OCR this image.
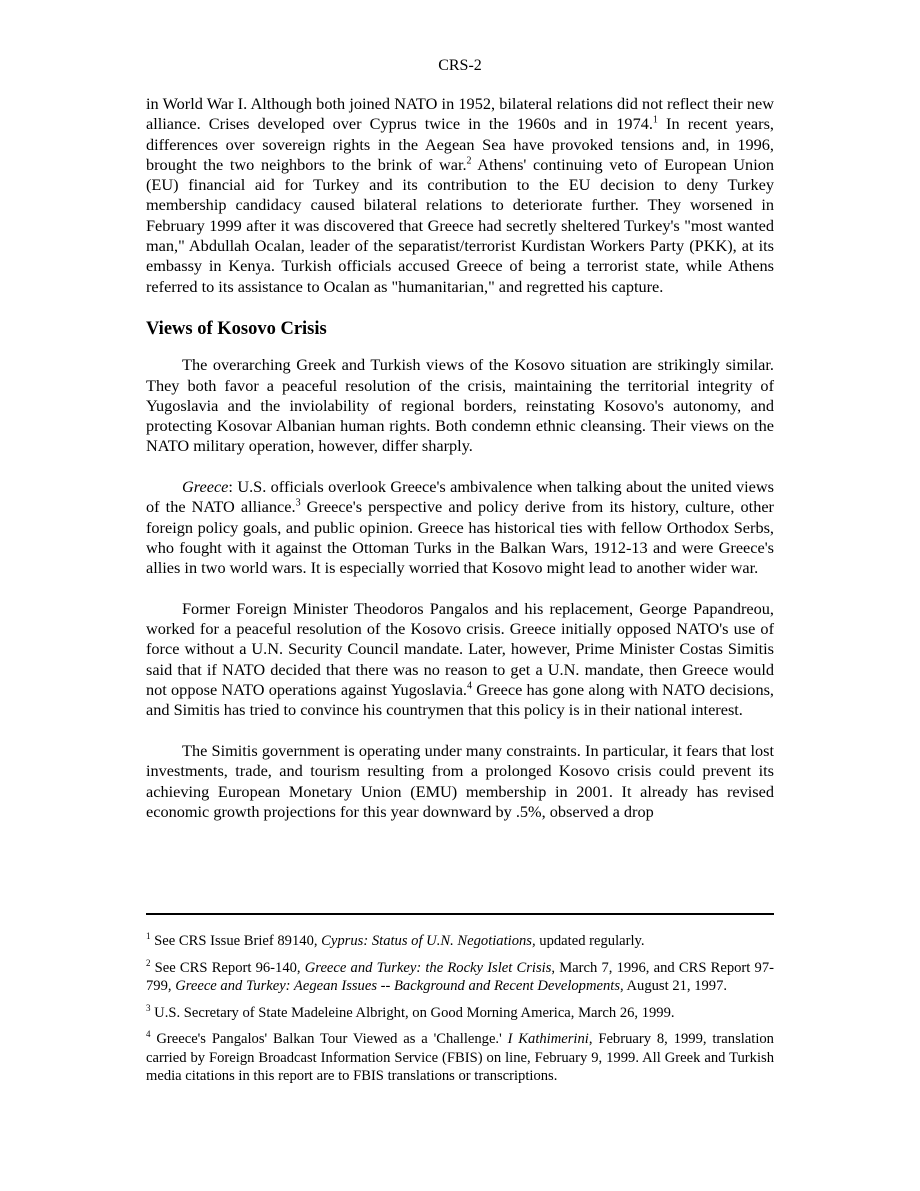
CRS-2

in World War I. Although both joined NATO in 1952, bilateral relations did not reflect their new alliance. Crises developed over Cyprus twice in the 1960s and in 1974.$^1$ In recent years, differences over sovereign rights in the Aegean Sea have provoked tensions and, in 1996, brought the two neighbors to the brink of war.$^2$ Athens' continuing veto of European Union (EU) financial aid for Turkey and its contribution to the EU decision to deny Turkey membership candidacy caused bilateral relations to deteriorate further. They worsened in February 1999 after it was discovered that Greece had secretly sheltered Turkey's "most wanted man," Abdullah Ocalan, leader of the separatist/terrorist Kurdistan Workers Party (PKK), at its embassy in Kenya. Turkish officials accused Greece of being a terrorist state, while Athens referred to its assistance to Ocalan as "humanitarian," and regretted his capture.

Views of Kosovo Crisis

The overarching Greek and Turkish views of the Kosovo situation are strikingly similar. They both favor a peaceful resolution of the crisis, maintaining the territorial integrity of Yugoslavia and the inviolability of regional borders, reinstating Kosovo's autonomy, and protecting Kosovar Albanian human rights. Both condemn ethnic cleansing. Their views on the NATO military operation, however, differ sharply.

Greece: U.S. officials overlook Greece's ambivalence when talking about the united views of the NATO alliance.$^3$ Greece's perspective and policy derive from its history, culture, other foreign policy goals, and public opinion. Greece has historical ties with fellow Orthodox Serbs, who fought with it against the Ottoman Turks in the Balkan Wars, 1912-13 and were Greece's allies in two world wars. It is especially worried that Kosovo might lead to another wider war.

Former Foreign Minister Theodoros Pangalos and his replacement, George Papandreou, worked for a peaceful resolution of the Kosovo crisis. Greece initially opposed NATO's use of force without a U.N. Security Council mandate. Later, however, Prime Minister Costas Simitis said that if NATO decided that there was no reason to get a U.N. mandate, then Greece would not oppose NATO operations against Yugoslavia.$^4$ Greece has gone along with NATO decisions, and Simitis has tried to convince his countrymen that this policy is in their national interest.

The Simitis government is operating under many constraints. In particular, it fears that lost investments, trade, and tourism resulting from a prolonged Kosovo crisis could prevent its achieving European Monetary Union (EMU) membership in 2001. It already has revised economic growth projections for this year downward by .5%, observed a drop

$^1$ See CRS Issue Brief 89140, Cyprus: Status of U.N. Negotiations, updated regularly.

$^2$ See CRS Report 96-140, Greece and Turkey: the Rocky Islet Crisis, March 7, 1996, and CRS Report 97-799, Greece and Turkey: Aegean Issues -- Background and Recent Developments, August 21, 1997.

$^3$ U.S. Secretary of State Madeleine Albright, on Good Morning America, March 26, 1999.

$^4$ Greece's Pangalos' Balkan Tour Viewed as a 'Challenge.' I Kathimerini, February 8, 1999, translation carried by Foreign Broadcast Information Service (FBIS) on line, February 9, 1999. All Greek and Turkish media citations in this report are to FBIS translations or transcriptions.
